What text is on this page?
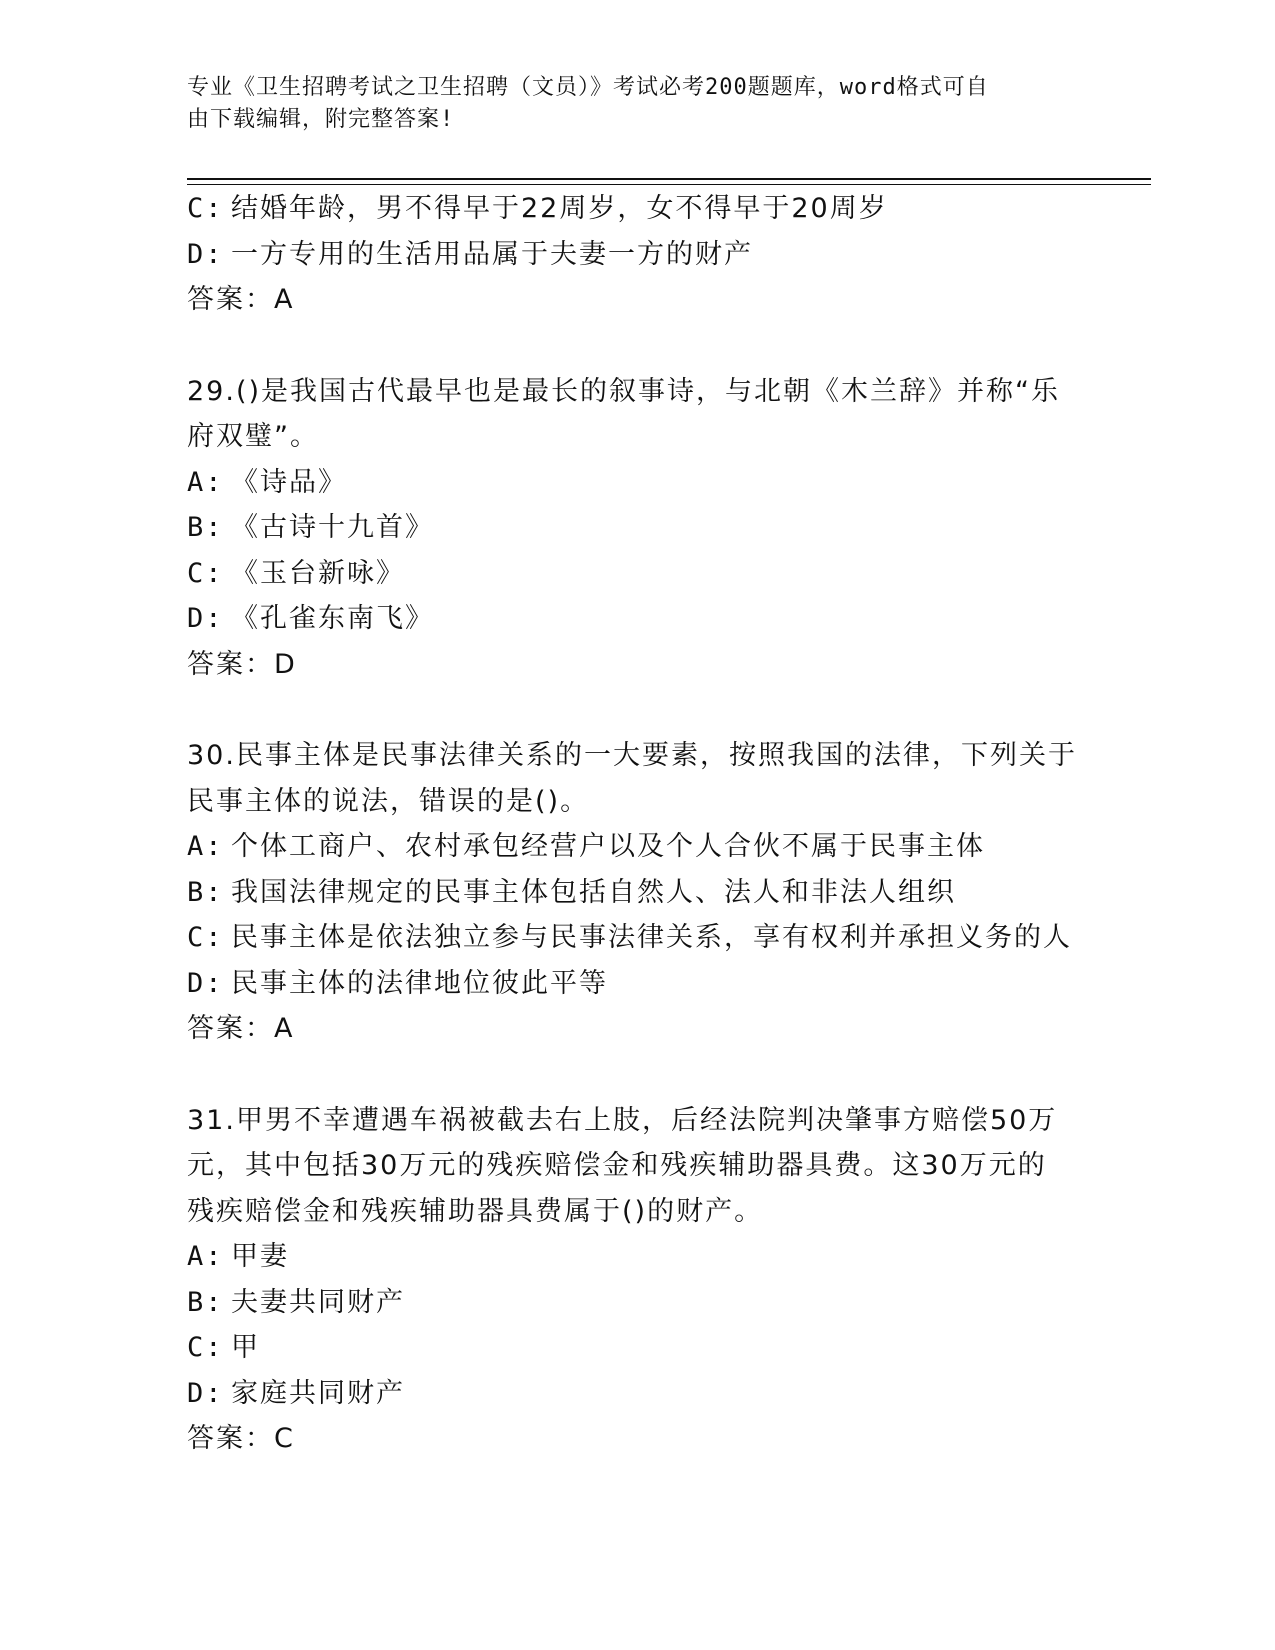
专业《卫生招聘考试之卫生招聘（文员）》考试必考200题题库，word格式可自
由下载编辑，附完整答案!
C: 结婚年龄，男不得早于22周岁，女不得早于20周岁
D: 一方专用的生活用品属于夫妻一方的财产
答案：A
29.()是我国古代最早也是最长的叙事诗，与北朝《木兰辞》并称“乐
府双璧”。
A: 《诗品》
B: 《古诗十九首》
C: 《玉台新咏》
D: 《孔雀东南飞》
答案：D
30.民事主体是民事法律关系的一大要素，按照我国的法律，下列关于
民事主体的说法，错误的是()。
A: 个体工商户、农村承包经营户以及个人合伙不属于民事主体
B: 我国法律规定的民事主体包括自然人、法人和非法人组织
C: 民事主体是依法独立参与民事法律关系，享有权利并承担义务的人
D: 民事主体的法律地位彼此平等
答案：A
31.甲男不幸遭遇车祸被截去右上肢，后经法院判决肇事方赔偿50万
元，其中包括30万元的残疾赔偿金和残疾辅助器具费。这30万元的
残疾赔偿金和残疾辅助器具费属于()的财产。
A: 甲妻
B: 夫妻共同财产
C: 甲
D: 家庭共同财产
答案：C
